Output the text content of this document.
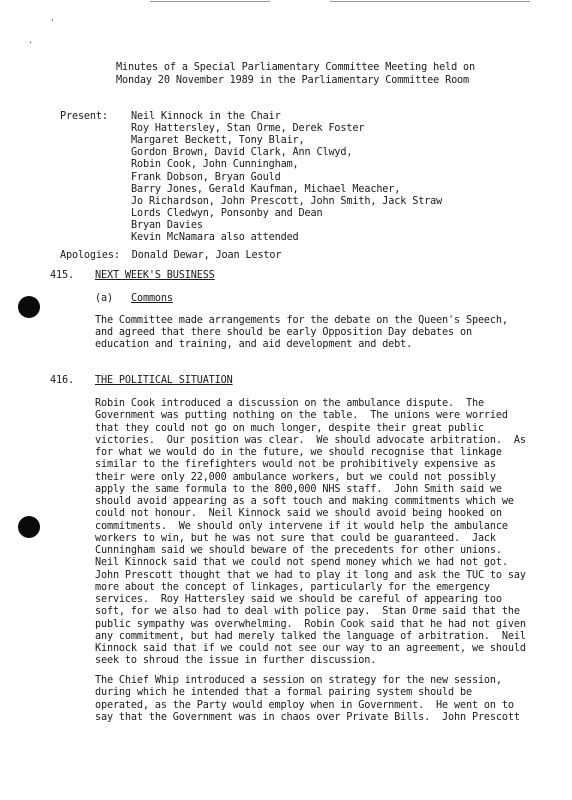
'
.
Minutes of a Special Parliamentary Committee Meeting held on
Monday 20 November 1989 in the Parliamentary Committee Room
Present: Neil Kinnock in the Chair
Roy Hattersley, Stan Orme, Derek Foster
Margaret Beckett, Tony Blair,
Gordon Brown, David Clark, Ann Clwyd,
Robin Cook, John Cunningham,
Frank Dobson, Bryan Gould
Barry Jones, Gerald Kaufman, Michael Meacher,
Jo Richardson, John Prescott, John Smith, Jack Straw
Lords Cledwyn, Ponsonby and Dean
Bryan Davies
Kevin McNamara also attended
Apologies:  Donald Dewar, Joan Lestor
415. NEXT WEEK'S BUSINESS
(a) Commons
The Committee made arrangements for the debate on the Queen's Speech,
and agreed that there should be early Opposition Day debates on
education and training, and aid development and debt.
416. THE POLITICAL SITUATION
Robin Cook introduced a discussion on the ambulance dispute.  The
Government was putting nothing on the table.  The unions were worried
that they could not go on much longer, despite their great public
victories.  Our position was clear.  We should advocate arbitration.  As
for what we would do in the future, we should recognise that linkage
similar to the firefighters would not be prohibitively expensive as
their were only 22,000 ambulance workers, but we could not possibly
apply the same formula to the 800,000 NHS staff.  John Smith said we
should avoid appearing as a soft touch and making commitments which we
could not honour.  Neil Kinnock said we should avoid being hooked on
commitments.  We should only intervene if it would help the ambulance
workers to win, but he was not sure that could be guaranteed.  Jack
Cunningham said we should beware of the precedents for other unions.
Neil Kinnock said that we could not spend money which we had not got.
John Prescott thought that we had to play it long and ask the TUC to say
more about the concept of linkages, particularly for the emergency
services.  Roy Hattersley said we should be careful of appearing too
soft, for we also had to deal with police pay.  Stan Orme said that the
public sympathy was overwhelming.  Robin Cook said that he had not given
any commitment, but had merely talked the language of arbitration.  Neil
Kinnock said that if we could not see our way to an agreement, we should
seek to shroud the issue in further discussion.
The Chief Whip introduced a session on strategy for the new session,
during which he intended that a formal pairing system should be
operated, as the Party would employ when in Government.  He went on to
say that the Government was in chaos over Private Bills.  John Prescott
